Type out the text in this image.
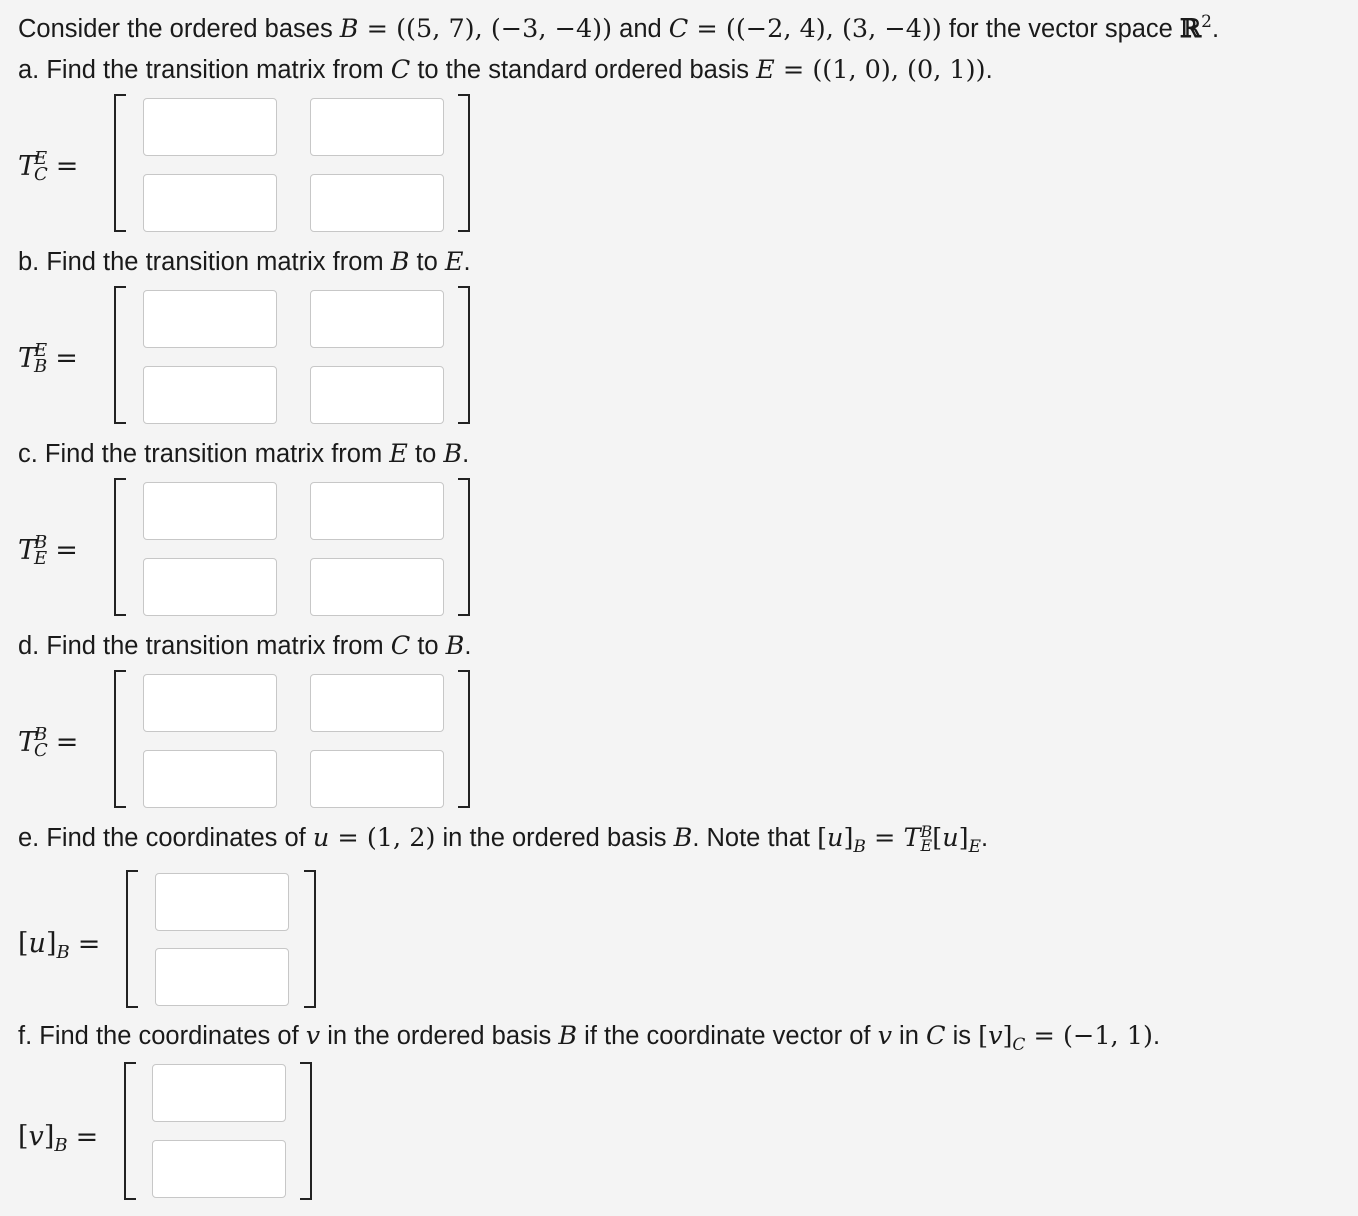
Consider the ordered bases B = ((5, 7), (−3, −4)) and C = ((−2, 4), (3, −4)) for the vector space ℝ$^2$.
a. Find the transition matrix from C to the standard ordered basis E = ((1, 0), (0, 1)).
T
E
C =
b. Find the transition matrix from B to E.
T
E
B =
c. Find the transition matrix from E to B.
T
B
E =
d. Find the transition matrix from C to B.
T
B
C =
e. Find the coordinates of u = (1, 2) in the ordered basis B. Note that $[u]_B = T$ B
E $[u]_E$.
$[u]_B$ =
f. Find the coordinates of v in the ordered basis B if the coordinate vector of v in C is $[v]_C = (-1$, 1).
$[v]_B$ =
